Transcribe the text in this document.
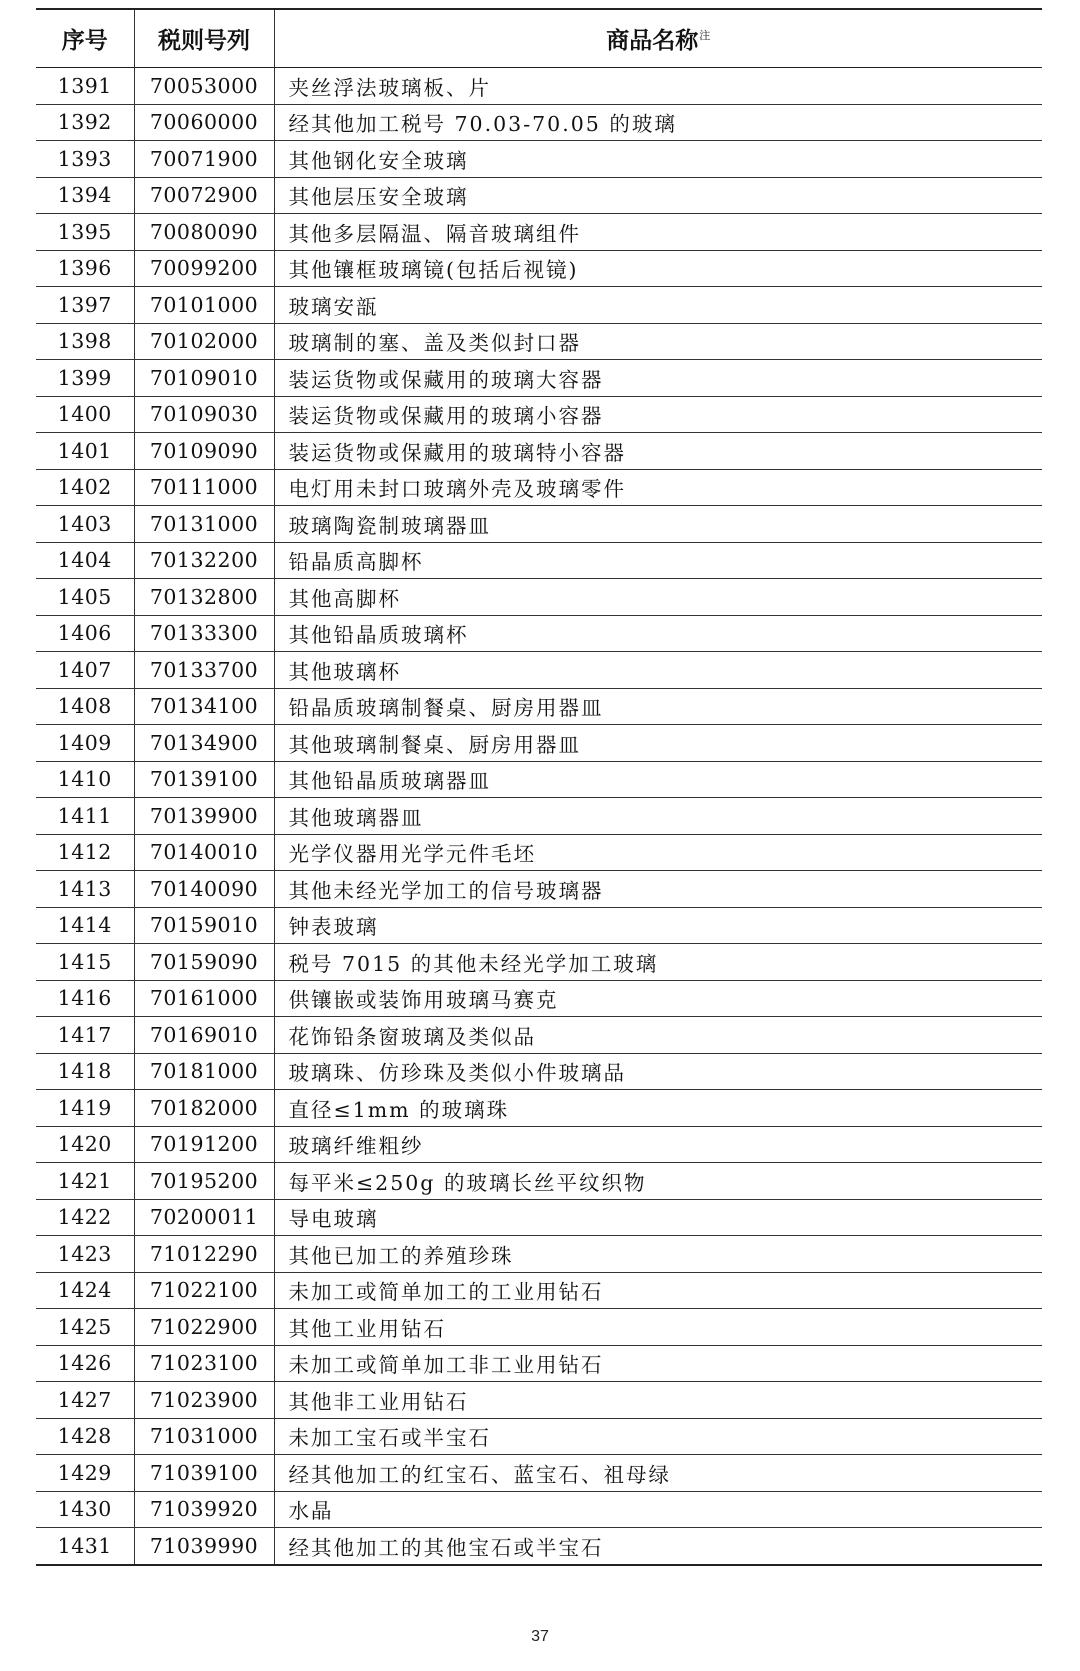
序号	税则号列	商品名称$^注$
1391	70053000	夹丝浮法玻璃板、片
1392	70060000	经其他加工税号 70.03-70.05 的玻璃
1393	70071900	其他钢化安全玻璃
1394	70072900	其他层压安全玻璃
1395	70080090	其他多层隔温、隔音玻璃组件
1396	70099200	其他镶框玻璃镜(包括后视镜)
1397	70101000	玻璃安瓿
1398	70102000	玻璃制的塞、盖及类似封口器
1399	70109010	装运货物或保藏用的玻璃大容器
1400	70109030	装运货物或保藏用的玻璃小容器
1401	70109090	装运货物或保藏用的玻璃特小容器
1402	70111000	电灯用未封口玻璃外壳及玻璃零件
1403	70131000	玻璃陶瓷制玻璃器皿
1404	70132200	铅晶质高脚杯
1405	70132800	其他高脚杯
1406	70133300	其他铅晶质玻璃杯
1407	70133700	其他玻璃杯
1408	70134100	铅晶质玻璃制餐桌、厨房用器皿
1409	70134900	其他玻璃制餐桌、厨房用器皿
1410	70139100	其他铅晶质玻璃器皿
1411	70139900	其他玻璃器皿
1412	70140010	光学仪器用光学元件毛坯
1413	70140090	其他未经光学加工的信号玻璃器
1414	70159010	钟表玻璃
1415	70159090	税号 7015 的其他未经光学加工玻璃
1416	70161000	供镶嵌或装饰用玻璃马赛克
1417	70169010	花饰铅条窗玻璃及类似品
1418	70181000	玻璃珠、仿珍珠及类似小件玻璃品
1419	70182000	直径≤1mm 的玻璃珠
1420	70191200	玻璃纤维粗纱
1421	70195200	每平米≤250g 的玻璃长丝平纹织物
1422	70200011	导电玻璃
1423	71012290	其他已加工的养殖珍珠
1424	71022100	未加工或简单加工的工业用钻石
1425	71022900	其他工业用钻石
1426	71023100	未加工或简单加工非工业用钻石
1427	71023900	其他非工业用钻石
1428	71031000	未加工宝石或半宝石
1429	71039100	经其他加工的红宝石、蓝宝石、祖母绿
1430	71039920	水晶
1431	71039990	经其他加工的其他宝石或半宝石
37
